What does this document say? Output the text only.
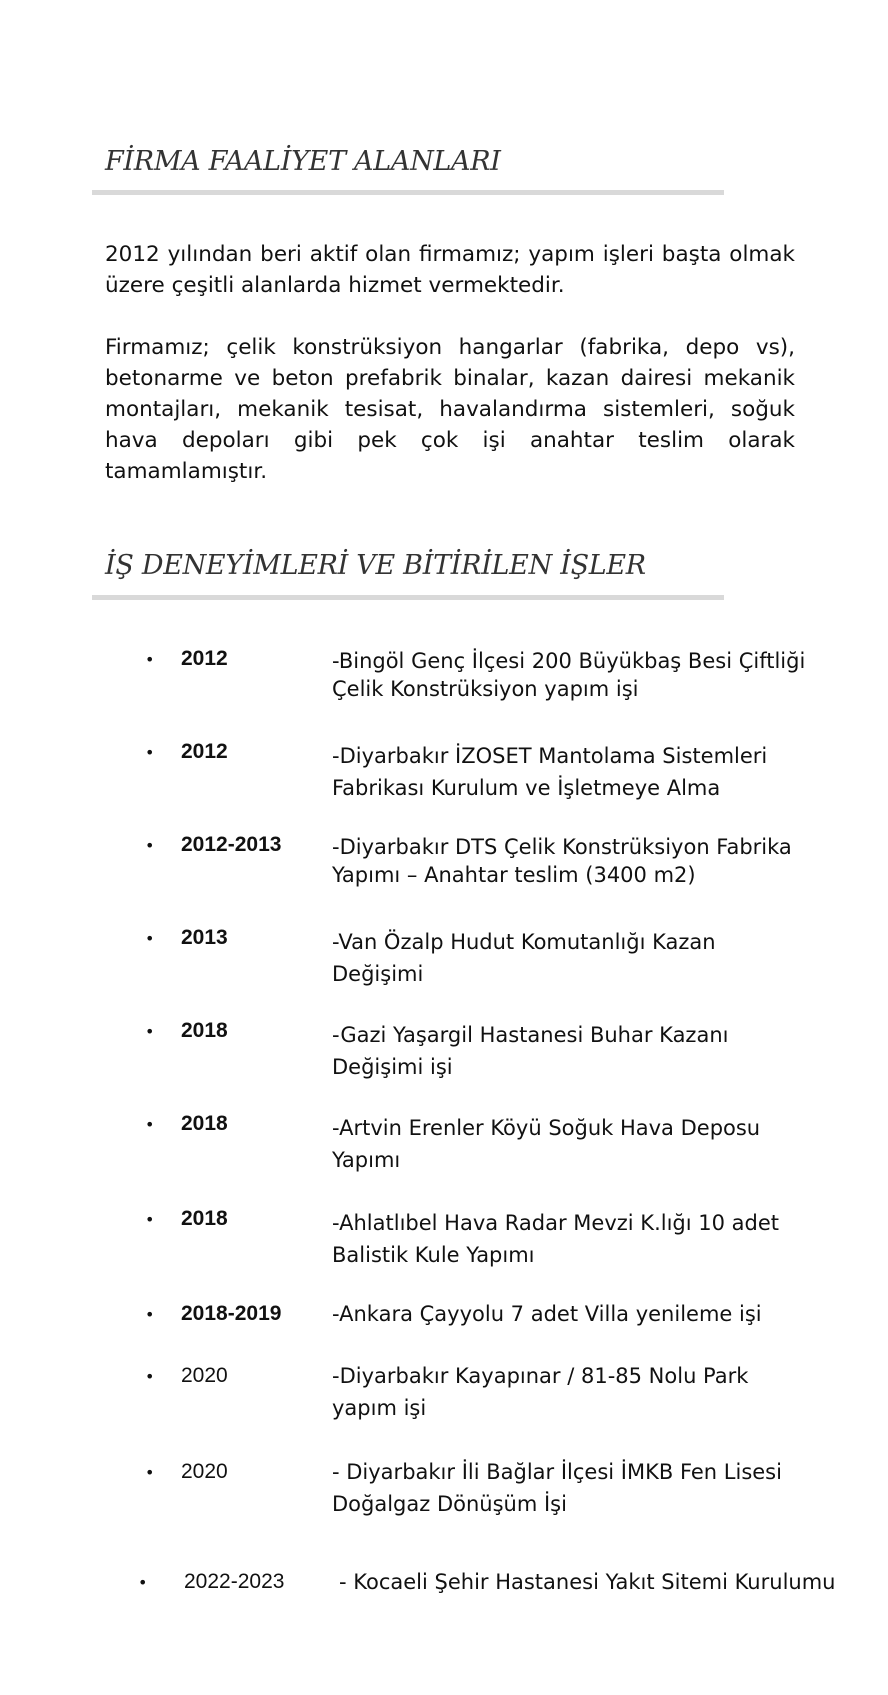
FİRMA FAALİYET ALANLARI

2012 yılından beri aktif olan firmamız; yapım işleri başta olmak üzere çeşitli alanlarda hizmet vermektedir.

Firmamız; çelik konstrüksiyon hangarlar (fabrika, depo vs), betonarme ve beton prefabrik binalar, kazan dairesi mekanik montajları, mekanik tesisat, havalandırma sistemleri, soğuk hava depoları gibi pek çok işi anahtar teslim olarak tamamlamıştır.

İŞ DENEYİMLERİ VE BİTİRİLEN İŞLER
• 2012	-Bingöl Genç İlçesi 200 Büyükbaş Besi Çiftliği Çelik Konstrüksiyon yapım işi
• 2012	-Diyarbakır İZOSET Mantolama Sistemleri Fabrikası Kurulum ve İşletmeye Alma
• 2012-2013 -Diyarbakır DTS Çelik Konstrüksiyon Fabrika Yapımı – Anahtar teslim (3400 m2)
• 2013	-Van Özalp Hudut Komutanlığı Kazan Değişimi
• 2018	-Gazi Yaşargil Hastanesi Buhar Kazanı Değişimi işi
• 2018	-Artvin Erenler Köyü Soğuk Hava Deposu Yapımı
• 2018	-Ahlatlıbel Hava Radar Mevzi K.lığı 10 adet Balistik Kule Yapımı
• 2018-2019 -Ankara Çayyolu 7 adet Villa yenileme işi
• 2020	-Diyarbakır Kayapınar / 81-85 Nolu Park yapım işi
• 2020	- Diyarbakır İli Bağlar İlçesi İMKB Fen Lisesi Doğalgaz Dönüşüm İşi
• 2022-2023	- Kocaeli Şehir Hastanesi Yakıt Sitemi Kurulumu
